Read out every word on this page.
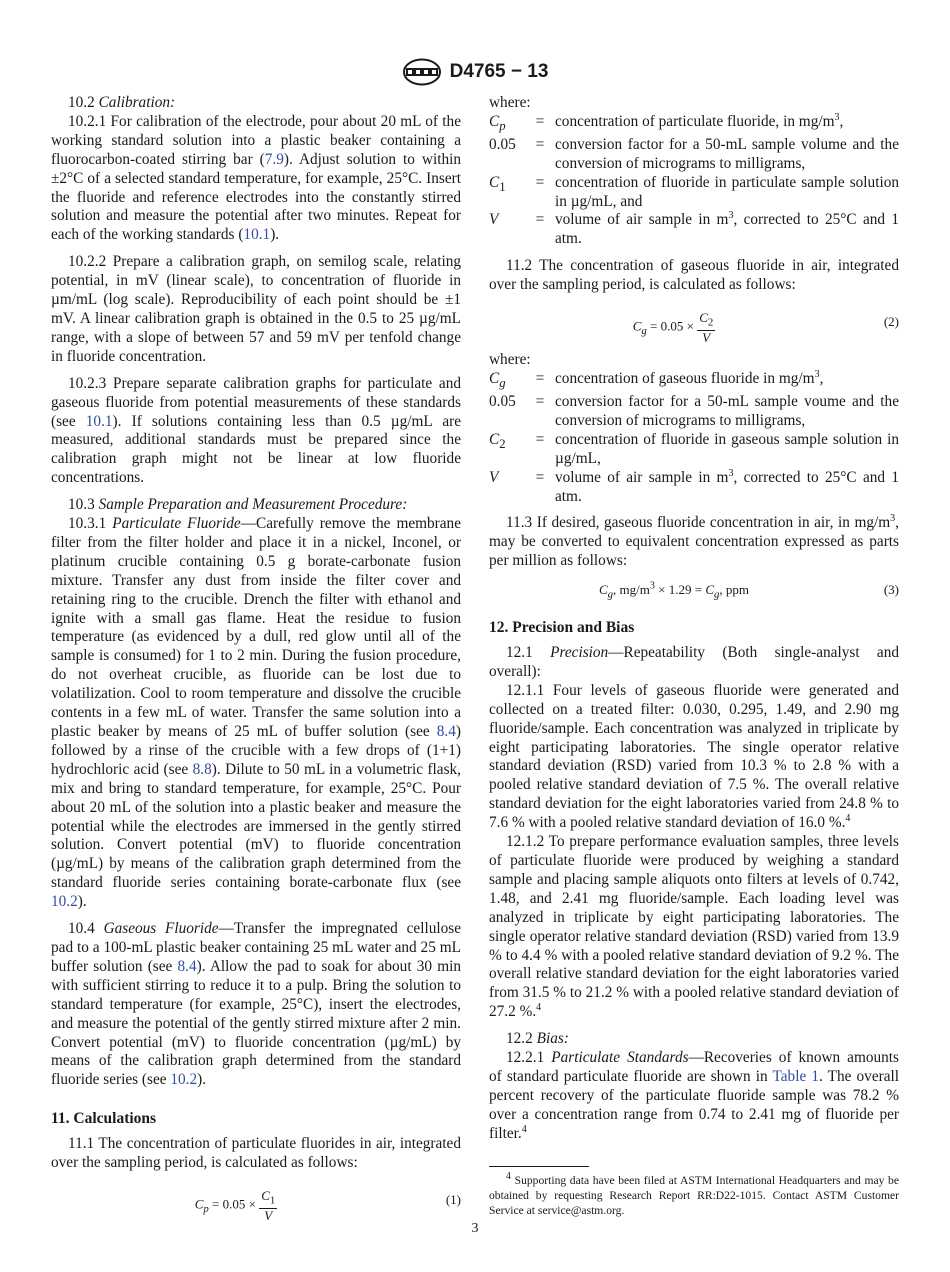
D4765 − 13

10.2 Calibration:

10.2.1 For calibration of the electrode, pour about 20 mL of the working standard solution into a plastic beaker containing a fluorocarbon-coated stirring bar (7.9). Adjust solution to within ±2°C of a selected standard temperature, for example, 25°C. Insert the fluoride and reference electrodes into the constantly stirred solution and measure the potential after two minutes. Repeat for each of the working standards (10.1).

10.2.2 Prepare a calibration graph, on semilog scale, relating potential, in mV (linear scale), to concentration of fluoride in µm/mL (log scale). Reproducibility of each point should be ±1 mV. A linear calibration graph is obtained in the 0.5 to 25 µg/mL range, with a slope of between 57 and 59 mV per tenfold change in fluoride concentration.

10.2.3 Prepare separate calibration graphs for particulate and gaseous fluoride from potential measurements of these standards (see 10.1). If solutions containing less than 0.5 µg/mL are measured, additional standards must be prepared since the calibration graph might not be linear at low fluoride concentrations.

10.3 Sample Preparation and Measurement Procedure:

10.3.1 Particulate Fluoride—Carefully remove the membrane filter from the filter holder and place it in a nickel, Inconel, or platinum crucible containing 0.5 g borate-carbonate fusion mixture. Transfer any dust from inside the filter cover and retaining ring to the crucible. Drench the filter with ethanol and ignite with a small gas flame. Heat the residue to fusion temperature (as evidenced by a dull, red glow until all of the sample is consumed) for 1 to 2 min. During the fusion procedure, do not overheat crucible, as fluoride can be lost due to volatilization. Cool to room temperature and dissolve the crucible contents in a few mL of water. Transfer the same solution into a plastic beaker by means of 25 mL of buffer solution (see 8.4) followed by a rinse of the crucible with a few drops of (1+1) hydrochloric acid (see 8.8). Dilute to 50 mL in a volumetric flask, mix and bring to standard temperature, for example, 25°C. Pour about 20 mL of the solution into a plastic beaker and measure the potential while the electrodes are immersed in the gently stirred solution. Convert potential (mV) to fluoride concentration (µg/mL) by means of the calibration graph determined from the standard fluoride series containing borate-carbonate flux (see 10.2).

10.4 Gaseous Fluoride—Transfer the impregnated cellulose pad to a 100-mL plastic beaker containing 25 mL water and 25 mL buffer solution (see 8.4). Allow the pad to soak for about 30 min with sufficient stirring to reduce it to a pulp. Bring the solution to standard temperature (for example, 25°C), insert the electrodes, and measure the potential of the gently stirred mixture after 2 min. Convert potential (mV) to fluoride concentration (µg/mL) by means of the calibration graph determined from the standard fluoride series (see 10.2).

11. Calculations

11.1 The concentration of particulate fluorides in air, integrated over the sampling period, is calculated as follows:

$C_p = 0.05 \times \frac{C_1}{V}$	(1)
where:
$C_p$	=	concentration of particulate fluoride, in $mg/m^3$,
0.05	=	conversion factor for a 50-mL sample volume and the conversion of micrograms to milligrams,
$C_1$	=	concentration of fluoride in particulate sample solution in µg/mL, and
V	=	volume of air sample in $m^3$, corrected to 25°C and 1 atm.

11.2 The concentration of gaseous fluoride in air, integrated over the sampling period, is calculated as follows:

$C_g = 0.05 \times \frac{C_2}{V}$	(2)
where:
$C_g$	=	concentration of gaseous fluoride in $mg/m^3$,
0.05	=	conversion factor for a 50-mL sample voume and the conversion of micrograms to milligrams,
$C_2$	=	concentration of fluoride in gaseous sample solution in µg/mL,
V	=	volume of air sample in $m^3$, corrected to 25°C and 1 atm.

11.3 If desired, gaseous fluoride concentration in air, in $mg/m^3$, may be converted to equivalent concentration expressed as parts per million as follows:

$C_g$, $mg/m^3 \times 1.29 = C_g$, ppm	(3)
12. Precision and Bias

12.1 Precision—Repeatability (Both single-analyst and overall):

12.1.1 Four levels of gaseous fluoride were generated and collected on a treated filter: 0.030, 0.295, 1.49, and 2.90 mg fluoride/sample. Each concentration was analyzed in triplicate by eight participating laboratories. The single operator relative standard deviation (RSD) varied from 10.3 % to 2.8 % with a pooled relative standard deviation of 7.5 %. The overall relative standard deviation for the eight laboratories varied from 24.8 % to 7.6 % with a pooled relative standard deviation of 16.0 %.$^4$

12.1.2 To prepare performance evaluation samples, three levels of particulate fluoride were produced by weighing a standard sample and placing sample aliquots onto filters at levels of 0.742, 1.48, and 2.41 mg fluoride/sample. Each loading level was analyzed in triplicate by eight participating laboratories. The single operator relative standard deviation (RSD) varied from 13.9 % to 4.4 % with a pooled relative standard deviation of 9.2 %. The overall relative standard deviation for the eight laboratories varied from 31.5 % to 21.2 % with a pooled relative standard deviation of 27.2 %.$^4$

12.2 Bias:

12.2.1 Particulate Standards—Recoveries of known amounts of standard particulate fluoride are shown in Table 1. The overall percent recovery of the particulate fluoride sample was 78.2 % over a concentration range from 0.74 to 2.41 mg of fluoride per filter.$^4$

$^4$ Supporting data have been filed at ASTM International Headquarters and may be obtained by requesting Research Report RR:D22-1015. Contact ASTM Customer Service at service@astm.org.

3
